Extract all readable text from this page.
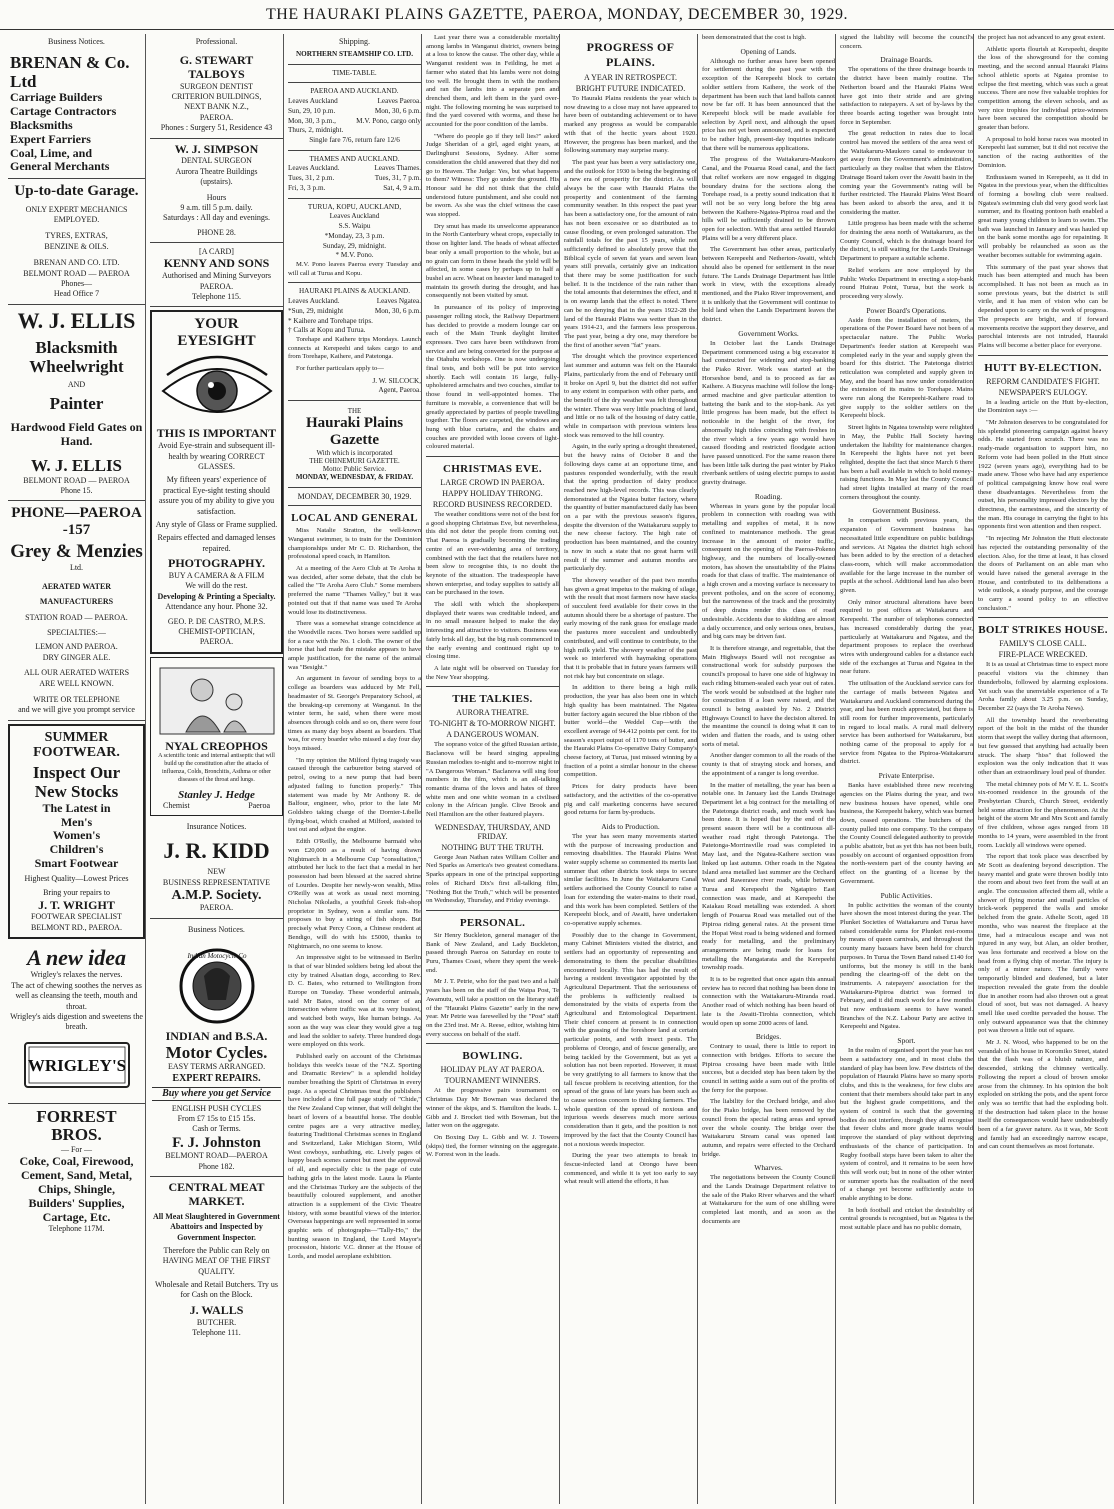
THE HAURAKI PLAINS GAZETTE, PAEROA, MONDAY, DECEMBER 30, 1929.
Business Notices.
BRENAN & Co. Ltd
Carriage Builders
Cartage Contractors
Blacksmiths
Expert Farriers
Coal, Lime, and
General Merchants
Up-to-date Garage.
ONLY EXPERT MECHANICS
EMPLOYED.
TYRES, EXTRAS,
BENZINE & OILS.
BRENAN AND CO. LTD.
BELMONT ROAD — PAEROA
Phones—
Head Office 7
W. J. ELLIS
Blacksmith
Wheelwright
AND
Painter
Hardwood Field Gates on Hand.
W. J. ELLIS
BELMONT ROAD — PAEROA
Phone 15.
PHONE—PAEROA -157
Grey & Menzies
Ltd.
AERATED WATER
MANUFACTURERS
STATION ROAD — PAEROA.
SPECIALTIES:—
LEMON AND PAEROA.
DRY GINGER ALE.
ALL OUR AERATED WATERS
ARE WELL KNOWN.
WRITE OR TELEPHONE
and we will give you prompt service
SUMMER FOOTWEAR.
Inspect Our
New Stocks
The Latest in
Men's
Women's
Children's
Smart Footwear
Highest Quality—Lowest Prices
Bring your repairs to
J. T. WRIGHT
FOOTWEAR SPECIALIST
BELMONT RD., PAEROA.
A new idea
Wrigley's relaxes the nerves.
The act of chewing soothes the nerves as well as cleansing the teeth, mouth and throat.
Wrigley's aids digestion and sweetens the breath.
WRIGLEY'S
FORREST BROS.
— For —
Coke, Coal, Firewood,
Cement, Sand, Metal,
Chips, Shingle,
Builders' Supplies,
Cartage, Etc.
Telephone 117M.
Professional.
G. STEWART TALBOYS
SURGEON DENTIST
CRITERION BUILDINGS,
NEXT BANK N.Z.,
PAEROA.
Phones : Surgery 51, Residence 43
W. J. SIMPSON
DENTAL SURGEON
Aurora Theatre Buildings
(upstairs).
Hours
9 a.m. till 5 p.m. daily.
Saturdays : All day and evenings.
PHONE 28.
[A CARD]
KENNY AND SONS
Authorised and Mining Surveyors
PAEROA.
Telephone 115.
YOUR EYESIGHT
THIS IS IMPORTANT
Avoid Eye-strain and subsequent ill-health by wearing CORRECT GLASSES.
My fifteen years' experience of practical Eye-sight testing should assure you of my ability to give you satisfaction.
Any style of Glass or Frame supplied.
Repairs effected and damaged lenses repaired.
PHOTOGRAPHY.
BUY A CAMERA & A FILM
We will do the rest.
Developing & Printing a Specialty.
Attendance any hour. Phone 32.
GEO. P. DE CASTRO, M.P.S.
CHEMIST-OPTICIAN,
PAEROA.
NYAL CREOPHOS
A scientific tonic and internal antiseptic that will build up the constitution after the attacks of influenza, Colds, Bronchitis, Asthma or other diseases of the throat and lungs.
Stanley J. Hedge
Chemist	Paeroa
Insurance Notices.
J. R. KIDD
NEW
BUSINESS REPRESENTATIVE
A.M.P. Society.
PAEROA.
Business Notices.
Indian Motocycle Co
INDIAN and B.S.A.
Motor Cycles.
EASY TERMS ARRANGED.
EXPERT REPAIRS.
Buy where you get Service
ENGLISH PUSH CYCLES
From £7 15s to £15 15s.
Cash or Terms.
F. J. Johnston
BELMONT ROAD—PAEROA
Phone 182.
CENTRAL MEAT MARKET.
All Meat Slaughtered in Government Abattoirs and Inspected by Government Inspector.
Therefore the Public can Rely on HAVING MEAT OF THE FIRST QUALITY.
Wholesale and Retail Butchers. Try us for Cash on the Block.
J. WALLS
BUTCHER.
Telephone 111.
Shipping.
NORTHERN STEAMSHIP CO. LTD.
TIME-TABLE.
PAEROA AND AUCKLAND.
Leaves Auckland	Leaves Paeroa.
Sun, 29, 10 p.m.	Mon, 30, 6 p.m.
Mon, 30, 3 p.m.,	M.V. Pono, cargo only
Thurs, 2, midnight.
Single fare 7/6, return fare 12/6
THAMES AND AUCKLAND.
Leaves Auckland.	Leaves Thames.
Tues, 31, 2 p.m.	Tues, 31, 7 p.m.
Fri, 3, 3 p.m.	Sat, 4, 9 a.m.
TURUA, KOPU, AUCKLAND,
Leaves Auckland
S.S. Waipu
*Monday, 23, 3 p.m.
Sunday, 29, midnight.
* M.V. Pono.
M.V. Pono leaves Paeroa every Tuesday and will call at Turua and Kopu.
HAURAKI PLAINS & AUCKLAND.
Leaves Auckland.	Leaves Ngatea.
*Sun, 29, midnight	Mon, 30, 6 p.m.
* Kaihere and Torehape trips.
† Calls at Kopu and Turua.
Torehape and Kaihere trips Mondays. Launch connects at Kerepeehi and takes cargo to and from Torehape, Kaihere, and Patetonga.
For further particulars apply to—
J. W. SILCOCK,
Agent, Paeroa.
THE
Hauraki Plains Gazette
With which is incorporated
THE OHINEMURI GAZETTE.
Motto: Public Service.
MONDAY, WEDNESDAY, & FRIDAY.
MONDAY, DECEMBER 30, 1929.
LOCAL AND GENERAL
Miss Natalie Stratton, the well-known Wanganui swimmer, is to train for the Dominion championships under Mr C. D. Richardson, the professional speed coach, in Hamilton.
At a meeting of the Aero Club at Te Aroha it was decided, after some debate, that the club be called the "Te Aroha Aero Club." Some members preferred the name "Thames Valley," but it was pointed out that if that name was used Te Aroha would lose its distinctiveness.
There was a somewhat strange coincidence at the Woodville races. Two horses were saddled up for a race with the No. 1 cloth. The owner of the horse that had made the mistake appears to have ample justification, for the name of the animal was "Besight."
An argument in favour of sending boys to a college as boarders was adduced by Mr Fell, headmaster of St. George's Preparatory School, at the breaking-up ceremony at Wanganui. In the winter term, he said, when there were most absences through colds and so on, there were four times as many day boys absent as boarders. That was, for every boarder who missed a day four day boys missed.
"In my opinion the Milford flying tragedy was caused through the carburettor being starved of petrol, owing to a new pump that had been adjusted failing to function properly." This statement was made by Mr Anthony R. de Balfour, engineer, who, prior to the late Mr Goldsbro taking charge of the Dornier-Libelle flying-boat, which crashed at Milford, assisted to test out and adjust the engine.
Edith O'Reilly, the Melbourne barmaid who won £20,000 as a result of having drawn Nightmarch in a Melbourne Cup "consultation," attributed her luck to the fact that a medal in her possession had been blessed at the sacred shrine of Lourdes. Despite her newly-won wealth, Miss O'Reilly was at work as usual next morning. Nicholas Nikoladis, a youthful Greek fish-shop proprietor in Sydney, won a similar sum. He proposes to buy a string of fish shops. But precisely what Percy Coon, a Chinese resident at Bendigo, will do with his £5000, thanks to Nightmarch, no one seems to know.
An impressive sight to be witnessed in Berlin is that of war blinded soldiers being led about the city by trained Alsatian dogs, according to Rev. D. C. Bates, who returned to Wellington from Europe on Tuesday. These wonderful animals, said Mr Bates, stood on the corner of an intersection where traffic was at its very busiest, and watched both ways, like human beings. As soon as the way was clear they would give a tug and lead the soldier to safety. Three hundred dogs were employed on this work.
Published early on account of the Christmas holidays this week's issue of the "N.Z. Sporting and Dramatic Review" is a splendid holiday number breathing the Spirit of Christmas in every page. As a special Christmas treat the publishers have included a fine full page study of "Chide," the New Zealand Cup winner, that will delight the heart of lovers of a beautiful horse. The double centre pages are a very attractive medley, featuring Traditional Christmas scenes in England and Switzerland, Lake Michigan Storm, Wild West cowboys, sunbathing, etc. Lively pages of happy beach scenes cannot but meet the approval of all, and especially chic is the page of cute bathing girls in the latest mode. Laura la Plante and the Christmas Turkey are the subjects of the beautifully coloured supplement, and another attraction is a supplement of the Civic Theatre history, with some beautiful views of the interior. Overseas happenings are well represented in some graphic sets of photographs—"Tally-Ho," the hunting season in England, the Lord Mayor's procession, historic V.C. dinner at the House of Lords, and model aeroplane exhibition.
Last year there was a considerable mortality among lambs in Wanganui district, owners being at a loss to know the cause. The other day, while a Wanganui resident was in Feilding, he met a farmer who stated that his lambs were not doing too well. He brought them in with the mothers and ran the lambs into a separate pen and drenched them, and left them in the yard over-night. The following morning he was surprised to find the yard covered with worms, and these he accounted for the poor condition of the lambs.
"Where do people go if they tell lies?" asked Judge Sheridan of a girl, aged eight years, at Darlinghurst Sessions, Sydney. After some consideration the child answered that they did not go to Heaven. The Judge: Yes, but what happens to them? Witness: They go under the ground. His Honour said he did not think that the child understood future punishment, and she could not be sworn. As she was the chief witness the case was stopped.
Dry smut has made its unwelcome appearance in the North Canterbury wheat crops, especially in those on lighter land. The heads of wheat affected bear only a small proportion to the whole, but as no grain can form in these heads the yield will be affected, in some cases by perhaps up to half a bushel an acre. Wheat on heavier land managed to maintain its growth during the drought, and has consequently not been visited by smut.
In pursuance of its policy of improving passenger rolling stock, the Railway Department has decided to provide a modern lounge car on each of the Main Trunk daylight limited expresses. Two cars have been withdrawn from service and are being converted for the purpose at the Otahuhu workshops. One is now undergoing final tests, and both will be put into service shortly. Each will contain 16 large, fully-upholstered armchairs and two couches, similar to those found in well-appointed homes. The furniture is movable, a convenience that will be greatly appreciated by parties of people travelling together. The floors are carpeted, the windows are hung with blue curtains, and the chairs and couches are provided with loose covers of light-coloured material.
CHRISTMAS EVE.
LARGE CROWD IN PAEROA.
HAPPY HOLIDAY THRONG.
RECORD BUSINESS RECORDED.
The weather conditions were not of the best for a good shopping Christmas Eve, but nevertheless, this did not deter the people from coming out. That Paeroa is gradually becoming the trading centre of an ever-widening area of territory, combined with the fact that the retailers have not been slow to recognise this, is no doubt the keynote of the situation. The tradespeople have shown enterprise, and today supplies to satisfy all can be purchased in the town.
The skill with which the shopkeepers displayed their wares was creditable indeed, and in no small measure helped to make the day interesting and attractive to visitors. Business was fairly brisk all day, but the big rush commenced in the early evening and continued right up to closing time.
A late night will be observed on Tuesday for the New Year shopping.
THE TALKIES.
AURORA THEATRE.
TO-NIGHT & TO-MORROW NIGHT.
A DANGEROUS WOMAN.
The soprano voice of the gifted Russian artiste, Baclanova will be heard singing appealing Russian melodies to-night and to-morrow night in "A Dangerous Woman." Baclanova will sing four numbers in the film, which is an all-talking romantic drama of the loves and hates of three white men and one white woman in a civilised colony in the African jungle. Clive Brook and Neil Hamilton are the other featured players.
WEDNESDAY, THURSDAY, AND FRIDAY.
NOTHING BUT THE TRUTH.
George Jean Nathan rates William Collier and Ned Sparks as America's two greatest comedians. Sparks appears in one of the principal supporting roles of Richard Dix's first all-talking film, "Nothing But the Truth," which will be presented on Wednesday, Thursday, and Friday evenings.
PERSONAL.
Sir Henry Buckleton, general manager of the Bank of New Zealand, and Lady Buckleton, passed through Paeroa on Saturday en route to Puru, Thames Coast, where they spent the week-end.
Mr J. T. Petrie, who for the past two and a half years has been on the staff of the Waipa Post, Te Awamutu, will take a position on the literary staff of the "Hauraki Plains Gazette" early in the new year. Mr Petrie was farewelled by the "Post" staff on the 23rd inst. Mr A. Reese, editor, wishing him every success on behalf of the staff.
BOWLING.
HOLIDAY PLAY AT PAEROA.
TOURNAMENT WINNERS.
At the progressive pairs tournament on Christmas Day Mr Bowman was declared the winner of the skips, and S. Hamilton the leads. L. Gibb and J. Brocket tied with Bowman, but the latter won on the aggregate.
On Boxing Day L. Gibb and W. J. Towers (skips) tied, the former winning on the aggregate. W. Forrest won in the leads.
PROGRESS OF PLAINS.
A YEAR IN RETROSPECT.
BRIGHT FUTURE INDICATED.
To Hauraki Plains residents the year which is now drawing to a close may not have appeared to have been of outstanding achievement or to have marked any progress as would be comparable with that of the hectic years about 1920. However, the progress has been marked, and the following summary may surprise many.
The past year has been a very satisfactory one, and the outlook for 1930 is being the beginning of a new era of prosperity for the district. As will always be the case with Hauraki Plains the prosperity and contentment of the farming community weather. In this respect the past year has been a satisfactory one, for the amount of rain has not been excessive or so distributed as to cause flooding, or even prolonged saturation. The rainfall totals for the past 15 years, while not sufficiently defined to absolutely prove that the Biblical cycle of seven fat years and seven lean years still prevails, certainly give an indication that there may be some justification for such belief. It is the incidence of the rain rather than the total amounts that determines the effect, and it is on swamp lands that the effect is noted. There can be no denying that in the years 1922-28 the land of the Hauraki Plains was wetter than in the years 1914-21, and the farmers less prosperous. The past year, being a dry one, may therefore be the first of another seven "fat" years.
The drought which the province experienced last summer and autumn was felt on the Hauraki Plains, particularly from the end of February until it broke on April 9, but the district did not suffer to any extent in comparison with other parts, and the benefit of the dry weather was felt throughout the winter. There was very little poaching of land, and little or no talk of the housing of dairy cattle, while in comparison with previous winters less stock was removed to the hill country.
Again, in the early spring a drought threatened, but the heavy rains of October 8 and the following days came at an opportune time, and pastures responded wonderfully, with the result that the spring production of dairy produce reached new high-level records. This was clearly demonstrated at the Ngatea butter factory, where the quantity of butter manufactured daily has been on a par with the previous season's figures, despite the diversion of the Waitakaruru supply to the new cheese factory. The high rate of production has been maintained, and the country is now in such a state that no great harm will result if the summer and autumn months are particularly dry.
The showery weather of the past two months has given a great impetus to the making of silage, with the result that most farmers now have stacks of succulent feed available for their cows in the autumn should there be a shortage of pasture. The early mowing of the rank grass for ensilage made the pastures more succulent and undoubtedly contributed, and will continue to contribute, to the high milk yield. The showery weather of the past week so interfered with haymaking operations that it is probable that in future years farmers will not risk hay but concentrate on silage.
In addition to there being a high milk production, the year has also been one in which high quality has been maintained. The Ngatea butter factory again secured the blue ribbon of the butter world—the Weddel Cup—with the excellent average of 94.412 points per cent. for its season's export output of 1170 tons of butter, and the Hauraki Plains Co-operative Dairy Company's cheese factory, at Turua, just missed winning by a fraction of a point a similar honour in the cheese competition.
Prices for dairy products have been satisfactory, and the activities of the co-operative pig and calf marketing concerns have secured good returns for farm by-products.
Aids to Production.
The year has seen many movements started with the purpose of increasing production and removing disabilities. The Hauraki Plains West water supply scheme so commented its merits last summer that other districts took steps to secure similar facilities. In June the Waitakaruru Canal settlers authorised the County Council to raise a loan for extending the water-mains to their road, and this work has been completed. Settlers of the Kerepeehi block, and of Awaiti, have undertaken co-operative supply schemes.
Possibly due to the change in Government, many Cabinet Ministers visited the district, and settlers had an opportunity of representing and demonstrating to them the peculiar disabilities encountered locally. This has had the result of having a resident investigator appointed by the Agricultural Department. That the seriousness of the problems is sufficiently realised is demonstrated by the visits of experts from the Agricultural and Entomological Department. Their chief concern at present is in connection with the grassing of the foreshore land at certain particular points, and with insect pests. The problems of Orongo, and of fescue generally, are being tackled by the Government, but as yet a solution has not been reported. However, it must be very gratifying to all farmers to know that the tall fescue problem is receiving attention, for the spread of the grass of late years has been such as to cause serious concern to thinking farmers. The whole question of the spread of noxious and injurious weeds deserves much more serious consideration than it gets, and the position is not improved by the fact that the County Council has not a noxious weeds inspector.
During the year two attempts to break in fescue-infected land at Orongo have been commenced, and while it is yet too early to say what result will attend the efforts, it has
been demonstrated that the cost is high.
Opening of Lands.
Although no further areas have been opened for settlement during the past year with the exception of the Kerepeehi block to certain soldier settlers from Kaihere, the work of the department has been such that land ballots cannot now be far off. It has been announced that the Kerepeehi block will be made available for selection by April next, and although the upset price has not yet been announced, and is expected to be rather high, present-day inquiries indicate that there will be numerous applications.
The progress of the Waitakaruru-Maukoro Canal, and the Pouarua Road canal, and the fact that relief workers are now engaged in digging boundary drains for the sections along the Torehape road, is a pretty sound indication that it will not be so very long before the big area between the Kaihere-Ngatea-Pipiroa road and the hills will be sufficiently drained to be thrown open for selection. With that area settled Hauraki Plains will be a very different place.
The Government has other areas, particularly between Kerepeehi and Netherton-Awaiti, which should also be opened for settlement in the near future. The Lands Drainage Department has little work in view, with the exceptions already mentioned, and the Piako River improvement, and it is unlikely that the Government will continue to hold land when the Lands Department leaves the district.
Government Works.
In October last the Lands Drainage Department commenced using a big excavator it had constructed for widening and stop-banking the Piako River. Work was started at the Horseshoe bend, and is to proceed as far as Kaihere. A Bucyrus machine will follow the long-armed machine and give particular attention to batteing the bank and to the stop-bank. As yet little progress has been made, but the effect is noticeable in the height of the river, for abnormally high tides coinciding with freshes in the river which a few years ago would have caused flooding and restricted floodgate action have passed unnoticed. For the same reason there has been little talk during the past winter by Piako riverbank settlers of using electric pumps to assist gravity drainage.
Roading.
Whereas in years gone by the popular local problem in connection with roading was with metalling and supplies of metal, it is now confined to maintenance methods. The great increase in the amount of motor traffic, consequent on the opening of the Paeroa-Pokeno highway, and the numbers of locally-owned motors, has shown the unsuitability of the Plains roads for that class of traffic. The maintenance of a high crown and a moving surface is necessary to prevent potholes, and on the score of economy, but the narrowness of the track and the proximity of deep drains render this class of road undesirable. Accidents due to skidding are almost a daily occurrence, and only serious ones, bruises, and big cars may be driven fast.
It is therefore strange, and regrettable, that the Main Highways Board will not recognise as constructional work for subsidy purposes the council's proposal to have one side of highway in each riding bitumen-sealed each year out of rates. The work would be subsidised at the higher rate for construction if a loan were raised, and the council is being assisted by No. 2 District Highways Council to have the decision altered. In the meantime the council is doing what it can to widen and flatten the roads, and is using other sorts of metal.
Another danger common to all the roads of the county is that of straying stock and horses, and the appointment of a ranger is long overdue.
In the matter of metalling, the year has been a notable one. In January last the Lands Drainage Department let a big contract for the metalling of the Patetonga district roads, and much work has been done. It is hoped that by the end of the present season there will be a continuous all-weather road right through Patetonga. The Patetonga-Morrinsville road was completed in May last, and the Ngatea-Kaihere section was linked up last autumn. Other roads in the Ngatea Island area metalled last summer are the Orchard West and Rawerawe river roads, while between Turua and Kerepeehi the Ngatapiro East connection was made, and at Kerepeehi the Kaiakau Road metalling was extended. A short length of Pouarua Road was metalled out of the Pipiroa riding general rates. At the present time the Hopai West road is being widened and formed ready for metalling, and the preliminary arrangements are being made for loans for metalling the Mangatarata and the Kerepeehi township roads.
It is to be regretted that once again this annual review has to record that nothing has been done in connection with the Waitakaruru-Miranda road. Another road of which nothing has been heard of late is the Awaiti-Tirohia connection, which would open up some 2000 acres of land.
Bridges.
Contrary to usual, there is little to report in connection with bridges. Efforts to secure the Pipiroa crossing have been made with little success, but a decided step has been taken by the council in setting aside a sum out of the profits of the ferry for the purpose.
The liability for the Orchard bridge, and also for the Piako bridge, has been removed by the council from the special rating areas and spread over the whole county. The bridge over the Waitakaruru Stream canal was opened last autumn, and repairs were effected to the Orchard bridge.
Wharves.
The negotiations between the County Council and the Lands Drainage Department relative to the sale of the Piako River wharves and the wharf at Waitakaruru for the sum of one shilling were completed last month, and as soon as the documents are
signed the liability will become the council's concern.
Drainage Boards.
The operations of the three drainage boards in the district have been mainly routine. The Netherton board and the Hauraki Plains West have got into their stride and are giving satisfaction to ratepayers. A set of by-laws by the three boards acting together was brought into force in September.
The great reduction in rates due to local control has moved the settlers of the area west of the Waitakaruru-Maukoro canal to endeavour to get away from the Government's administration, particularly as they realise that when the Elstow Drainage Board taken over the Awaiti basin in the coming year the Government's rating will be further restricted. The Hauraki Plains West Board has been asked to absorb the area, and it is considering the matter.
Little progress has been made with the scheme for draining the area north of Waitakaruru, as the County Council, which is the drainage board for the district, is still waiting for the Lands Drainage Department to prepare a suitable scheme.
Relief workers are now employed by the Public Works Department in erecting a stop-bank round Huirau Point, Turua, but the work is proceeding very slowly.
Power Board's Operations.
Aside from the installation of meters, the operations of the Power Board have not been of a spectacular nature. The Public Works Department's feeder station at Kerepeehi was completed early in the year and supply given the board for this district. The Patetonga district reticulation was completed and supply given in May, and the board has now under consideration the extension of its mains to Torehape. Mains were run along the Kerepeehi-Kaihere road to give supply to the soldier settlers on the Kerepeehi block.
Street lights in Ngatea township were relighted in May, the Public Hall Society having undertaken the liability for maintenance charges. In Kerepeehi the lights have not yet been relighted, despite the fact that since March 6 there has been a hall available in which to hold money-raising functions. In May last the County Council had street lights installed at many of the road corners throughout the county.
Government Business.
In comparison with previous years, the expansion of Government business has necessitated little expenditure on public buildings and services. At Ngatea the district high school has been added to by the erection of a detached class-room, which will make accommodation available for the large increase in the number of pupils at the school. Additional land has also been given.
Only minor structural alterations have been required to post offices at Waitakaruru and Kerepeehi. The number of telephones connected has increased considerably during the year, particularly at Waitakaruru and Ngatea, and the department proposes to replace the overhead wires with underground cables for a distance each side of the exchanges at Turua and Ngatea in the near future.
The utilisation of the Auckland service cars for the carriage of mails between Ngatea and Waitakaruru and Auckland commenced during the year, and has been much appreciated, but there is still room for further improvements, particularly in regard to local mails. A rural mail delivery service has been authorised for Waitakaruru, but nothing came of the proposal to apply for a service from Ngatea to the Pipiroa-Waitakaruru district.
Private Enterprise.
Banks have established three new receiving agencies on the Plains during the year, and two new business houses have opened, while one business, the Kerepeehi bakery, which was burned down, ceased operations. The butchers of the county pulled into one company. To the company the County Council delegated authority to provide a public abattoir, but as yet this has not been built, possibly on account of organised opposition from the north-western part of the county having an effect on the granting of a license by the Government.
Public Activities.
In public activities the woman of the county have shown the most interest during the year. The Plunket Societies of Waitakaruru and Turua have raised considerable sums for Plunket rest-rooms by means of queen carnivals, and throughout the county many bazaars have been held for church purposes. In Turua the Town Band raised £140 for uniforms, but the money is still in the bank pending the clearing-off of the debt on the instruments. A ratepayers' association for the Waitakaruru-Pipiroa district was formed in February, and it did much work for a few months but now enthusiasm seems to have waned. Branches of the N.Z. Labour Party are active in Kerepeehi and Ngatea.
Sport.
In the realm of organised sport the year has not been a satisfactory one, and in most clubs the standard of play has been low. Few districts of the population of Hauraki Plains have so many sports clubs, and this is the weakness, for few clubs are content that their members should take part in any but the highest grade competitions, and the system of control is such that the governing bodies do not interfere, though they all recognise that fewer clubs and more grade teams would improve the standard of play without depriving enthusiasts of the chance of participation. In Rugby football steps have been taken to alter the system of control, and it remains to be seen how this will work out; but in none of the other winter or summer sports has the realisation of the need of a change yet become sufficiently acute to enable anything to be done.
In both football and cricket the desirability of central grounds is recognised, but as Ngatea is the most suitable place and has no public domain,
the project has not advanced to any great extent.
Athletic sports flourish at Kerepeehi, despite the loss of the showground for the coming meeting, and the second annual Hauraki Plains school athletic sports at Ngatea promise to eclipse the first meeting, which was such a great success. There are now five valuable trophies for competition among the eleven schools, and as very nice trophies for individual prize-winners have been secured the competition should be greater than before.
A proposal to hold horse races was mooted in Kerepeehi last summer, but it did not receive the sanction of the racing authorities of the Dominion.
Enthusiasm waned in Kerepeehi, as it did in Ngatea in the previous year, when the difficulties of forming a bowling club were realised. Ngatea's swimming club did very good work last summer, and its floating pontoon bath enabled a great many young children to learn to swim. The bath was launched in January and was hauled up on the bank some months ago for repainting. It will probably be relaunched as soon as the weather becomes suitable for swimming again.
This summary of the past year shows that much has been attempted and much has been accomplished. It has not been as much as in some previous years, but the district is still virile, and it has men of vision who can be depended upon to carry on the work of progress. The prospects are bright, and if forward movements receive the support they deserve, and parochial interests are not intruded, Hauraki Plains will become a better place for everyone.
HUTT BY-ELECTION.
REFORM CANDIDATE'S FIGHT.
NEWSPAPER'S EULOGY.
In a leading article on the Hutt by-election, the Dominion says :—
"Mr Johnston deserves to be congratulated for his splendid pioneering campaign against heavy odds. He started from scratch. There was no ready-made organisation to support him, no Reform vote had been polled in the Hutt since 1922 (seven years ago), everything had to be made anew. Those who have had any experience of political campaigning know how real were these disadvantages. Nevertheless from the outset, his personality impressed electors by the directness, the earnestness, and the sincerity of the man. His courage in carrying the fight to his opponents first won attention and then respect.
"In rejecting Mr Johnston the Hutt electorate has rejected the outstanding personality of the election. Also, for the time at least, it has closed the doors of Parliament on an able man who would have raised the general average in the House, and contributed to its deliberations a wide outlook, a steady purpose, and the courage to carry a sound policy to an effective conclusion."
BOLT STRIKES HOUSE.
FAMILY'S CLOSE CALL.
FIRE-PLACE WRECKED.
It is as usual at Christmas time to expect more peaceful visitors via the chimney than thunderbolts, followed by alarming explosions. Yet such was the unenviable experience of a Te Aroha family about 3.25 p.m. on Sunday, December 22 (says the Te Aroha News).
All the township heard the reverberating report of the bolt in the midst of the thunder storm that swept the valley during that afternoon, but few guessed that anything had actually been struck. The sharp "hiss" that followed the explosion was the only indication that it was other than an extraordinary loud peal of thunder.
The metal chimney pots of Mr V. E. L. Scott's six-roomed residence in the grounds of the Presbyterian Church, Church Street, evidently held some attraction for the phenomenon. At the height of the storm Mr and Mrs Scott and family of five children, whose ages ranged from 18 months to 14 years, were assembled in the front room. Luckily all windows were opened.
The report that took place was described by Mr Scott as deafening beyond description. The heavy mantel and grate were thrown bodily into the room and about two feet from the wall at an angle. The concussion affected them all, while a shower of flying mortar and small particles of brick-work peppered the walls and smoke belched from the grate. Athelie Scott, aged 18 months, who was nearest the fireplace at the time, had a miraculous escape and was not injured in any way, but Alan, an older brother, was less fortunate and received a blow on the head from a flying chip of mortar. The injury is only of a minor nature. The family were temporarily blinded and deafened, but a later inspection revealed the grate from the double flue in another room had also thrown out a great cloud of soot, but was not damaged. A heavy smell like used cordite pervaded the house. The only outward appearance was that the chimney pot was thrown a little out of square.
Mr J. N. Wood, who happened to be on the verandah of his house in Koromiko Street, stated that the flash was of a bluish nature, and descended, striking the chimney vertically. Following the report a cloud of brown smoke arose from the chimney. In his opinion the bolt exploded on striking the pots, and the spent force only was so terrific that had the exploding bolt. If the destruction had taken place in the house itself the consequences would have undoubtedly been of a far graver nature. As it was, Mr Scott and family had an exceedingly narrow escape, and can count themselves as most fortunate.
